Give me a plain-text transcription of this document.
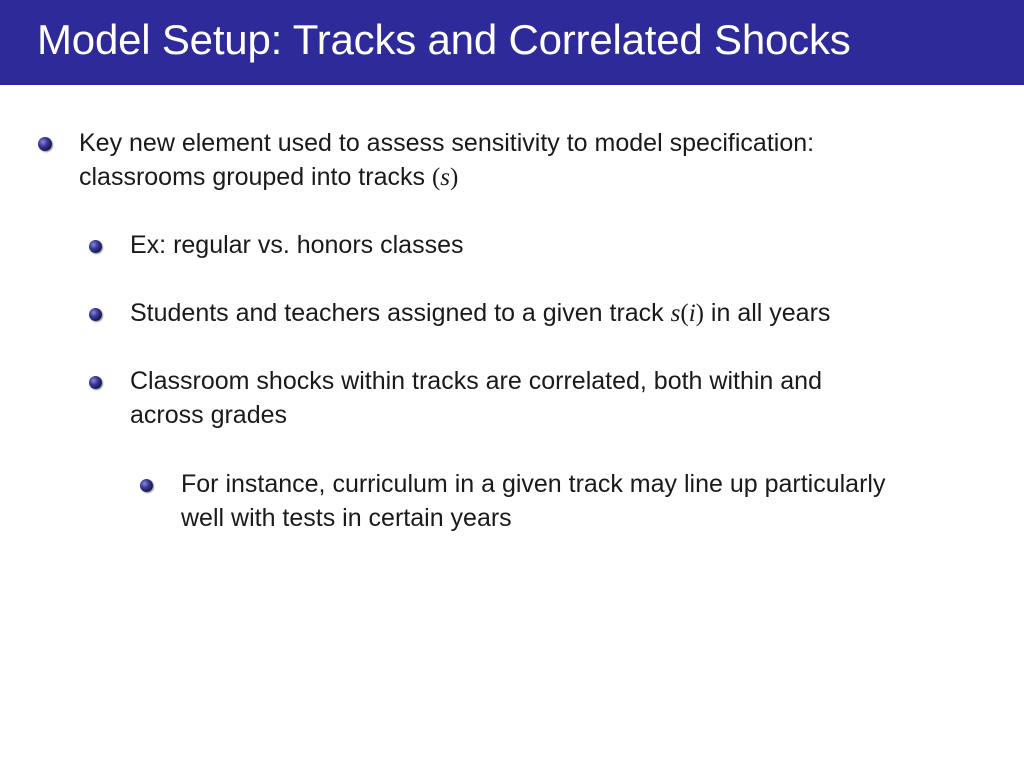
Model Setup: Tracks and Correlated Shocks
Key new element used to assess sensitivity to model specification:
classrooms grouped into tracks (s)
Ex: regular vs. honors classes
Students and teachers assigned to a given track s(i) in all years
Classroom shocks within tracks are correlated, both within and
across grades
For instance, curriculum in a given track may line up particularly
well with tests in certain years
